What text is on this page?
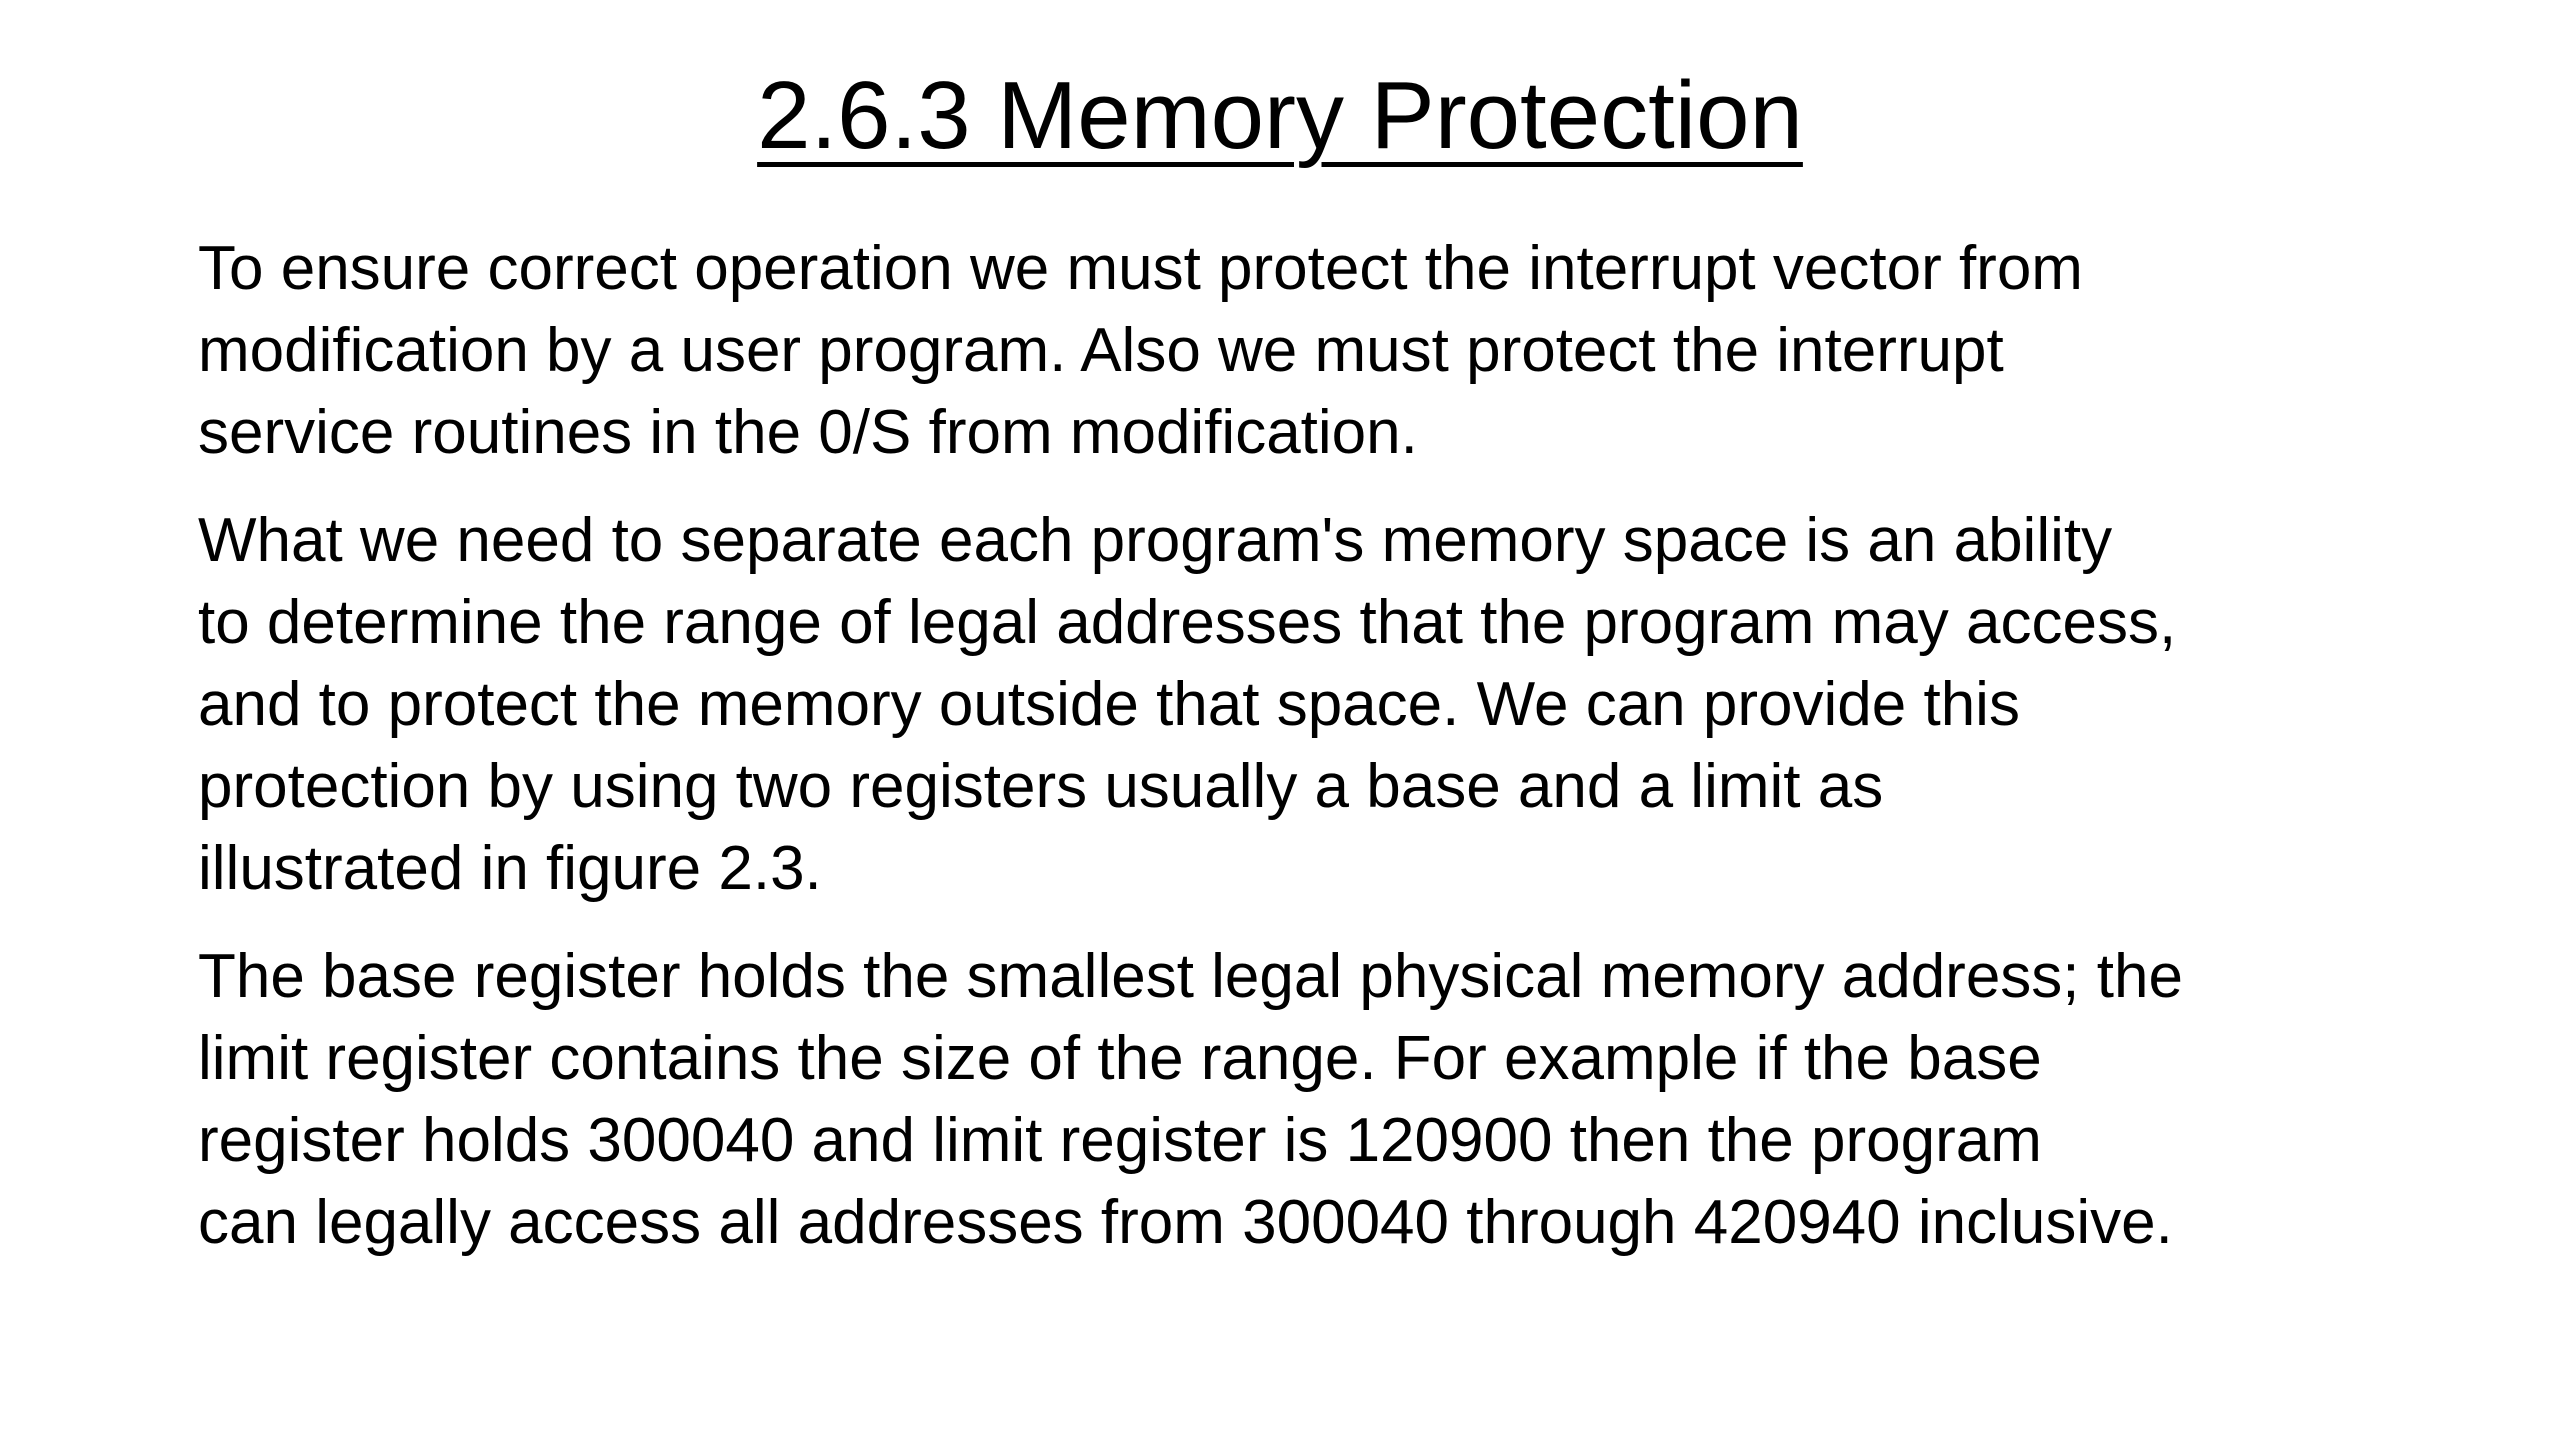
2.6.3 Memory Protection

To ensure correct operation we must protect the interrupt vector from
modification by a user program. Also we must protect the interrupt
service routines in the 0/S from modification.

What we need to separate each program's memory space is an ability
to determine the range of legal addresses that the program may access,
and to protect the memory outside that space. We can provide this
protection by using two registers usually a base and a limit as
illustrated in figure 2.3.

The base register holds the smallest legal physical memory address; the
limit register contains the size of the range. For example if the base
register holds 300040 and limit register is 120900 then the program
can legally access all addresses from 300040 through 420940 inclusive.
